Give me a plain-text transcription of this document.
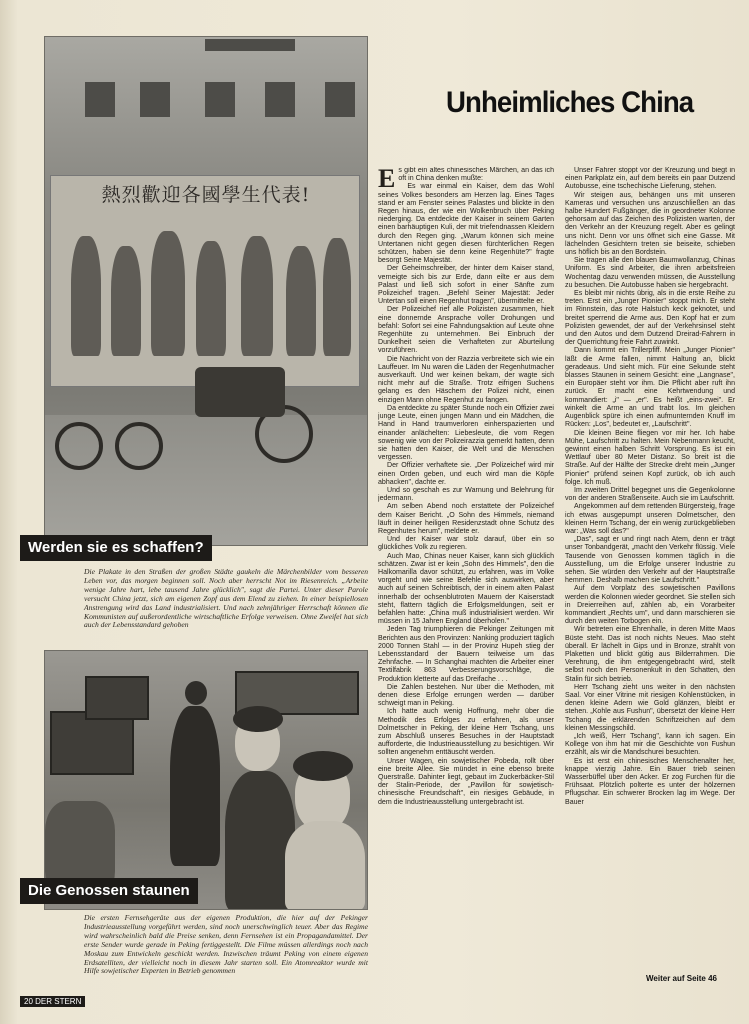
熱烈歡迎各國學生代表!
Werden sie es schaffen?
Die Plakate in den Straßen der großen Städte gaukeln die Märchenbilder vom besseren Leben vor, das morgen beginnen soll. Noch aber herrscht Not im Riesenreich. „Arbeite wenige Jahre hart, lebe tausend Jahre glücklich", sagt die Partei. Unter dieser Parole versucht China jetzt, sich am eigenen Zopf aus dem Elend zu ziehen. In einer beispiellosen Anstrengung wird das Land industrialisiert. Und nach zehnjähriger Herrschaft können die Kommunisten auf außerordentliche wirtschaftliche Erfolge verweisen. Ohne Zweifel hat sich auch der Lebensstandard gehoben
Die Genossen staunen
Die ersten Fernsehgeräte aus der eigenen Produktion, die hier auf der Pekinger Industrieausstellung vorgeführt werden, sind noch unerschwinglich teuer. Aber das Regime wird wahrscheinlich bald die Preise senken, denn Fernsehen ist ein Propagandamittel. Der erste Sender wurde gerade in Peking fertiggestellt. Die Filme müssen allerdings noch nach Moskau zum Entwickeln geschickt werden. Inzwischen träumt Peking von einem eigenen Erdsatelliten, der vielleicht noch in diesem Jahr starten soll. Ein Atomreaktor wurde mit Hilfe sowjetischer Experten in Betrieb genommen
Unheimliches China
E s gibt ein altes chinesisches Märchen, an das ich oft in China denken mußte:

Es war einmal ein Kaiser, dem das Wohl seines Volkes besonders am Herzen lag. Eines Tages stand er am Fenster seines Palastes und blickte in den Regen hinaus, der wie ein Wolkenbruch über Peking niederging. Da entdeckte der Kaiser in seinem Garten einen barhäuptigen Kuli, der mit triefendnassen Kleidern durch den Regen ging. „Warum können sich meine Untertanen nicht gegen diesen fürchterlichen Regen schützen, haben sie denn keine Regenhüte?" fragte besorgt Seine Majestät.

Der Geheimschreiber, der hinter dem Kaiser stand, verneigte sich bis zur Erde, dann eilte er aus dem Palast und ließ sich sofort in einer Sänfte zum Polizeichef tragen. „Befehl Seiner Majestät: Jeder Untertan soll einen Regenhut tragen", übermittelte er.

Der Polizeichef rief alle Polizisten zusammen, hielt eine donnernde Ansprache voller Drohungen und befahl: Sofort sei eine Fahndungsaktion auf Leute ohne Regenhüte zu unternehmen. Bei Einbruch der Dunkelheit seien die Verhafteten zur Aburteilung vorzuführen.

Die Nachricht von der Razzia verbreitete sich wie ein Lauffeuer. Im Nu waren die Läden der Regenhutmacher ausverkauft. Und wer keinen bekam, der wagte sich nicht mehr auf die Straße. Trotz eifrigen Suchens gelang es den Häschern der Polizei nicht, einen einzigen Mann ohne Regenhut zu fangen.

Da entdeckte zu später Stunde noch ein Offizier zwei junge Leute, einen jungen Mann und ein Mädchen, die Hand in Hand traumverloren einherspazierten und einander anlächelten: Liebesleute, die vom Regen sowenig wie von der Polizeirazzia gemerkt hatten, denn sie hatten den Kaiser, die Welt und die Menschen vergessen.

Der Offizier verhaftete sie. „Der Polizeichef wird mir einen Orden geben, und euch wird man die Köpfe abhacken", dachte er.

Und so geschah es zur Warnung und Belehrung für jedermann.

Am selben Abend noch erstattete der Polizeichef dem Kaiser Bericht. „O Sohn des Himmels, niemand läuft in deiner heiligen Residenzstadt ohne Schutz des Regenhutes herum", meldete er.

Und der Kaiser war stolz darauf, über ein so glückliches Volk zu regieren.

Auch Mao, Chinas neuer Kaiser, kann sich glücklich schätzen. Zwar ist er kein „Sohn des Himmels", den die Halkomarilla davor schützt, zu erfahren, was im Volke vorgeht und wie seine Befehle sich auswirken, aber auch auf seinen Schreibtisch, der in einem alten Palast innerhalb der ochsenblutroten Mauern der Kaiserstadt steht, flattern täglich die Erfolgsmeldungen, seit er befahlen hatte: „China muß industrialisiert werden. Wir müssen in 15 Jahren England überholen."

Jeden Tag triumphieren die Pekinger Zeitungen mit Berichten aus den Provinzen: Nanking produziert täglich 2000 Tonnen Stahl — in der Provinz Hupeh stieg der Lebensstandard der Bauern teilweise um das Zehnfache. — In Schanghai machten die Arbeiter einer Textilfabrik 863 Verbesserungsvorschläge, die Produktion kletterte auf das Dreifache . . .

Die Zahlen bestehen. Nur über die Methoden, mit denen diese Erfolge errungen werden — darüber schweigt man in Peking.

Ich hatte auch wenig Hoffnung, mehr über die Methodik des Erfolges zu erfahren, als unser Dolmetscher in Peking, der kleine Herr Tschang, uns zum Abschluß unseres Besuches in der Hauptstadt aufforderte, die Industrieausstellung zu besichtigen. Wir sollten angenehm enttäuscht werden.

Unser Wagen, ein sowjetischer Pobeda, rollt über eine breite Allee. Sie mündet in eine ebenso breite Querstraße. Dahinter liegt, gebaut im Zuckerbäcker-Stil der Stalin-Periode, der „Pavillon für sowjetisch-chinesische Freundschaft", ein riesiges Gebäude, in dem die Industrieausstellung untergebracht ist.

Unser Fahrer stoppt vor der Kreuzung und biegt in einen Parkplatz ein, auf dem bereits ein paar Dutzend Autobusse, eine tschechische Lieferung, stehen.

Wir steigen aus, behängen uns mit unseren Kameras und versuchen uns anzuschließen an das halbe Hundert Fußgänger, die in geordneter Kolonne gehorsam auf das Zeichen des Polizisten warten, der den Verkehr an der Kreuzung regelt. Aber es gelingt uns nicht. Denn vor uns öffnet sich eine Gasse. Mit lächelnden Gesichtern treten sie beiseite, schieben uns höflich bis an den Bordstein.

Sie tragen alle den blauen Baumwollanzug, Chinas Uniform. Es sind Arbeiter, die ihren arbeitsfreien Wochentag dazu verwenden müssen, die Ausstellung zu besuchen. Die Autobusse haben sie hergebracht.

Es bleibt mir nichts übrig, als in die erste Reihe zu treten. Erst ein „Junger Pionier" stoppt mich. Er steht im Rinnstein, das rote Halstuch keck geknotet, und breitet sperrend die Arme aus. Den Kopf hat er zum Polizisten gewendet, der auf der Verkehrsinsel steht und den Autos und dem Dutzend Dreirad-Fahrern in der Querrichtung freie Fahrt zuwinkt.

Dann kommt ein Trillerpfiff. Mein „Junger Pionier" läßt die Arme fallen, nimmt Haltung an, blickt geradeaus. Und sieht mich. Für eine Sekunde steht blasses Staunen in seinem Gesicht: eine „Langnase", ein Europäer steht vor ihm. Die Pflicht aber ruft ihn zurück. Er macht eine Kehrtwendung und kommandiert: „i" — „er". Es heißt „eins-zwei". Er winkelt die Arme an und trabt los. Im gleichen Augenblick spüre ich einen aufmunternden Knuff im Rücken: „Los", bedeutet er, „Laufschritt".

Die kleinen Beine fliegen vor mir her. Ich habe Mühe, Laufschritt zu halten. Mein Nebenmann keucht, gewinnt einen halben Schritt Vorsprung. Es ist ein Wettlauf über 80 Meter Distanz. So breit ist die Straße. Auf der Hälfte der Strecke dreht mein „Junger Pionier" prüfend seinen Kopf zurück, ob ich auch folge. Ich muß.

Im zweiten Drittel begegnet uns die Gegenkolonne von der anderen Straßenseite. Auch sie im Laufschritt.

Angekommen auf dem rettenden Bürgersteig, frage ich etwas ausgepumpt unseren Dolmetscher, den kleinen Herrn Tschang, der ein wenig zurückgeblieben war: „Was soll das?"

„Das", sagt er und ringt nach Atem, denn er trägt unser Tonbandgerät, „macht den Verkehr flüssig. Viele Tausende von Genossen kommen täglich in die Ausstellung, um die Erfolge unserer Industrie zu sehen. Sie würden den Verkehr auf der Hauptstraße hemmen. Deshalb machen sie Laufschritt."

Auf dem Vorplatz des sowjetischen Pavillons werden die Kolonnen wieder geordnet. Sie stellen sich in Dreierreihen auf, zählen ab, ein Vorarbeiter kommandiert „Rechts um", und dann marschieren sie durch den weiten Torbogen ein.

Wir betreten eine Ehrenhalle, in deren Mitte Maos Büste steht. Das ist noch nichts Neues. Mao steht überall. Er lächelt in Gips und in Bronze, strahlt von Plaketten und blickt gütig aus Bilderrahmen. Die Verehrung, die ihm entgegengebracht wird, stellt selbst noch den Personenkult in den Schatten, den Stalin für sich betrieb.

Herr Tschang zieht uns weiter in den nächsten Saal. Vor einer Vitrine mit riesigen Kohlenstücken, in denen kleine Adern wie Gold glänzen, bleibt er stehen. „Kohle aus Fushun", übersetzt der kleine Herr Tschang die erklärenden Schriftzeichen auf dem kleinen Messingschild.

„Ich weiß, Herr Tschang", kann ich sagen. Ein Kollege von ihm hat mir die Geschichte von Fushun erzählt, als wir die Mandschurei besuchten.

Es ist erst ein chinesisches Menschenalter her, knappe vierzig Jahre. Ein Bauer trieb seinen Wasserbüffel über den Acker. Er zog Furchen für die Frühsaat. Plötzlich polterte es unter der hölzernen Pflugschar. Ein schwerer Brocken lag im Wege. Der Bauer

20 DER STERN
Weiter auf Seite 46
